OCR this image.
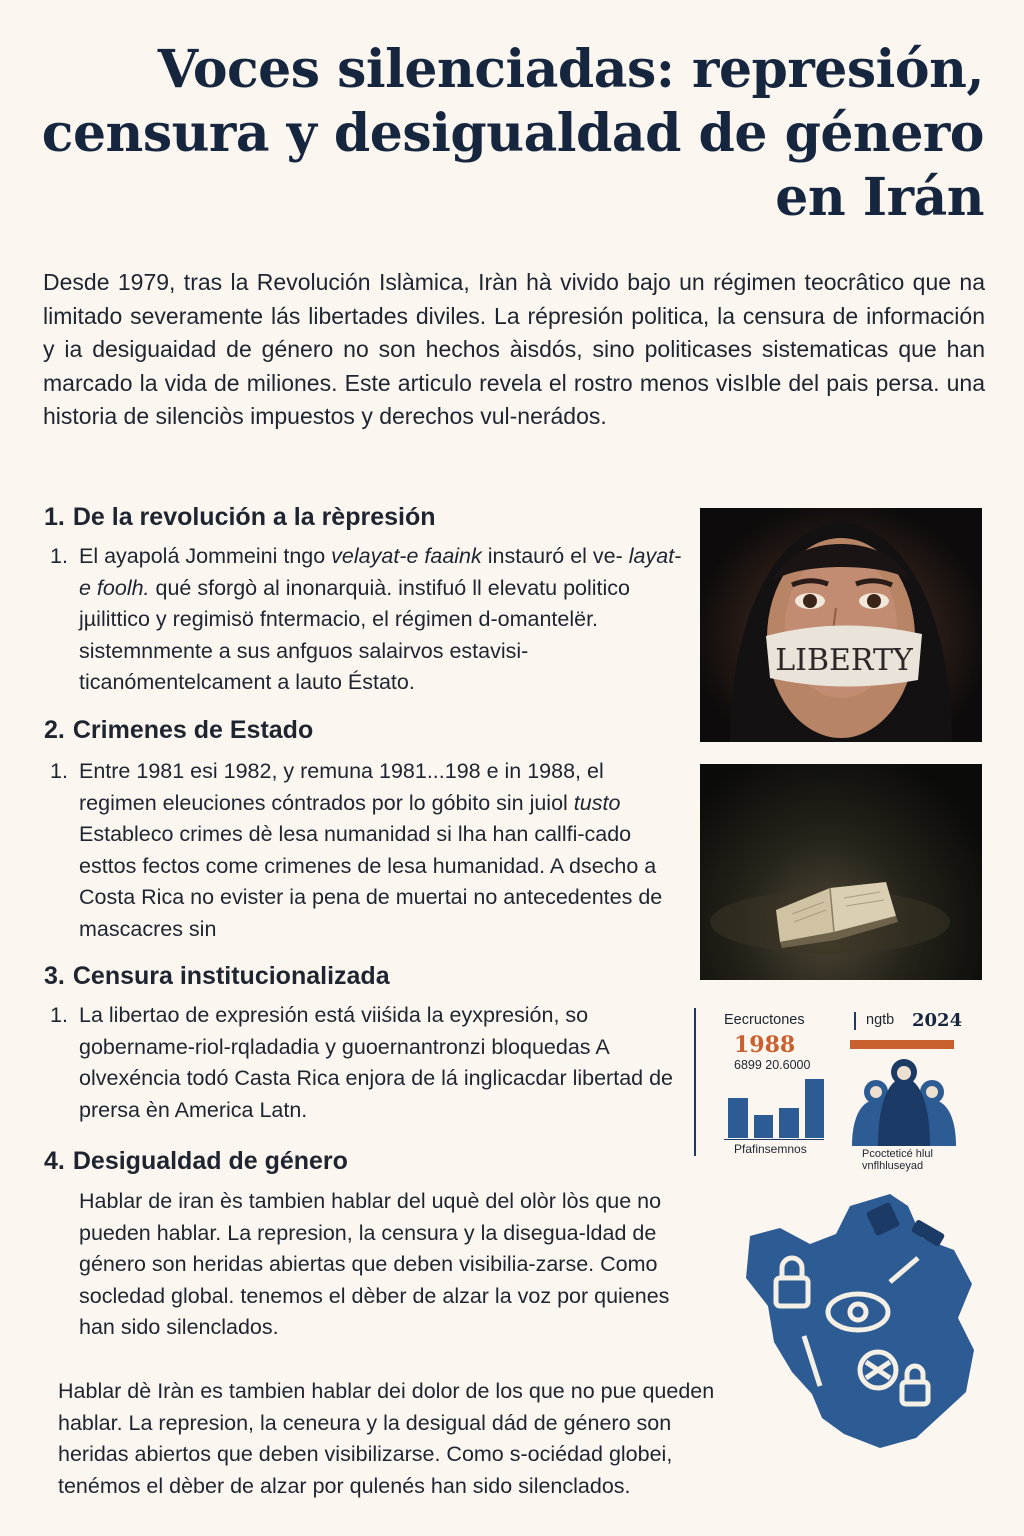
Voces silenciadas: represión,
censura y desigualdad de género
en Irán

Desde 1979, tras la Revolución Islàmica, Iràn hà vivido bajo un régimen teocrâtico que na limitado severamente lás libertades diviles. La répresión politica, la censura de información y ia desiguaidad de género no son hechos àisdós, sino politicases sistematicas que han marcado la vida de miliones. Este articulo revela el rostro menos visIble del pais persa. una historia de silenciòs impuestos y derechos vul-nerádos.

1. De la revolución a la rèpresión
1. El ayapolá Jommeini tngo velayat-e faaink instauró el ve- layat-e foolh. qué sforgò al inonarquià. instifuó ll elevatu politico jµilittico y regimisö fntermacio, el régimen d-omantelër. sistemnmente a sus anfguos salairvos estavisi-ticanómentelcament a lauto Éstato.
2. Crimenes de Estado
1. Entre 1981 esi 1982, y remuna 1981...198 e in 1988, el regimen eleuciones cóntrados por lo góbito sin juiol tusto Estableco crimes dè lesa numanidad si lha han callfi-cado esttos fectos come crimenes de lesa humanidad. A dsecho a Costa Rica no evister ia pena de muertai no antecedentes de mascacres sin
3. Censura institucionalizada
1. La libertao de expresión está viiśida la eyxpresión, so gobername-riol-rqladadia y guoernantronzi bloquedas A olvexéncia todó Casta Rica enjora de lá inglicacdar libertad de prersa èn America Latn.
4. Desigualdad de género
Hablar de iran ès tambien hablar del uquè del olòr lòs que no pueden hablar. La represion, la censura y la disegua-ldad de género son heridas abiertas que deben visibilia-zarse. Como socledad global. tenemos el dèber de alzar la voz por quienes han sido silenclados.

Hablar dè Iràn es tambien hablar dei dolor de los que no pue queden hablar. La represion, la ceneura y la desigual dád de género son heridas abiertos que deben visibilizarse. Como s-ociédad globei, tenémos el dèber de alzar por qulenés han sido silenclados.

LIBERTY
Eecructones
1988
6899 20.6000
Pfafinsemnos
ngtb 2024
Pcocteticé hlul
vnflhluseyad
